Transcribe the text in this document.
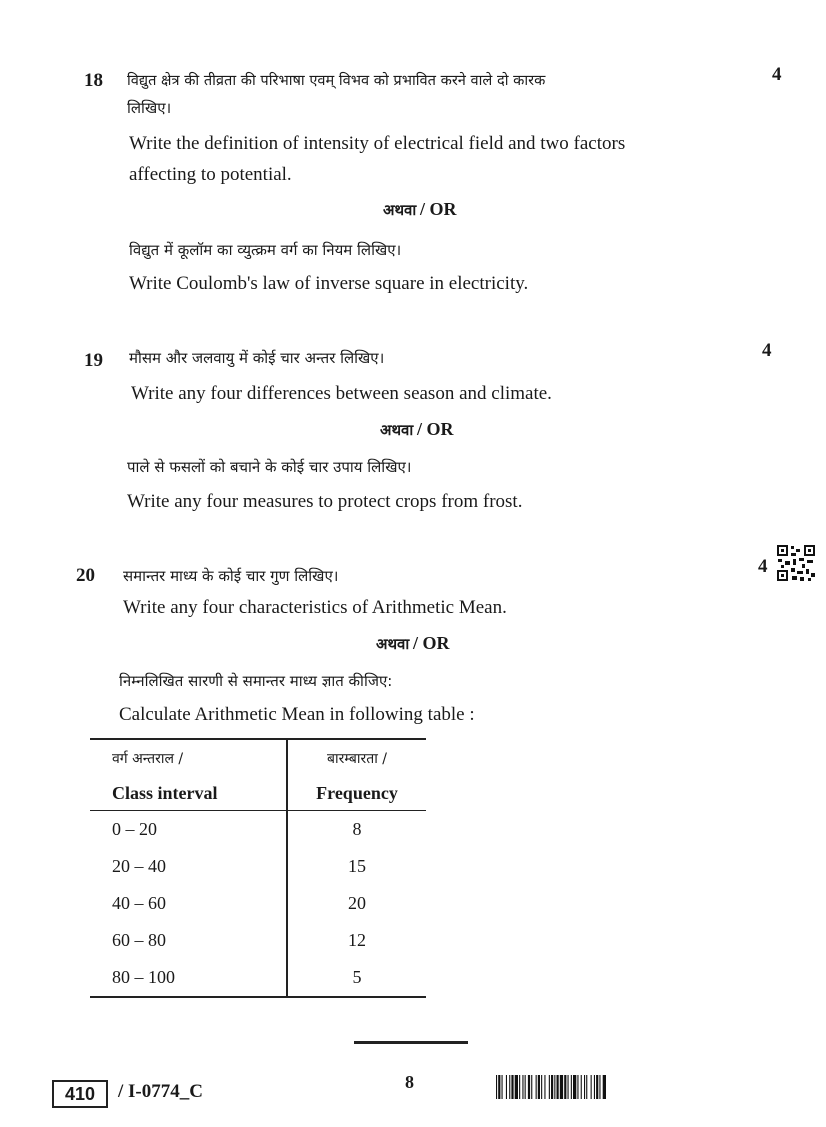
18	4
विद्युत क्षेत्र की तीव्रता की परिभाषा एवम् विभव को प्रभावित करने वाले दो कारक
लिखिए।
Write the definition of intensity of electrical field and two factors
affecting to potential.
अथवा / OR
विद्युत में कूलॉम का व्युत्क्रम वर्ग का नियम लिखिए।
Write Coulomb's law of inverse square in electricity.
19	4
मौसम और जलवायु में कोई चार अन्तर लिखिए।
Write any four differences between season and climate.
अथवा / OR
पाले से फसलों को बचाने के कोई चार उपाय लिखिए।
Write any four measures to protect crops from frost.
20	4
समान्तर माध्य के कोई चार गुण लिखिए।
Write any four characteristics of Arithmetic Mean.
अथवा / OR
निम्नलिखित सारणी से समान्तर माध्य ज्ञात कीजिए:
Calculate Arithmetic Mean in following table :
वर्ग अन्तराल /	बारम्बारता /
Class interval	Frequency
0 – 20	8
20 – 40	15
40 – 60	20
60 – 80	12
80 – 100	5
410	/ I-0774_C	8
